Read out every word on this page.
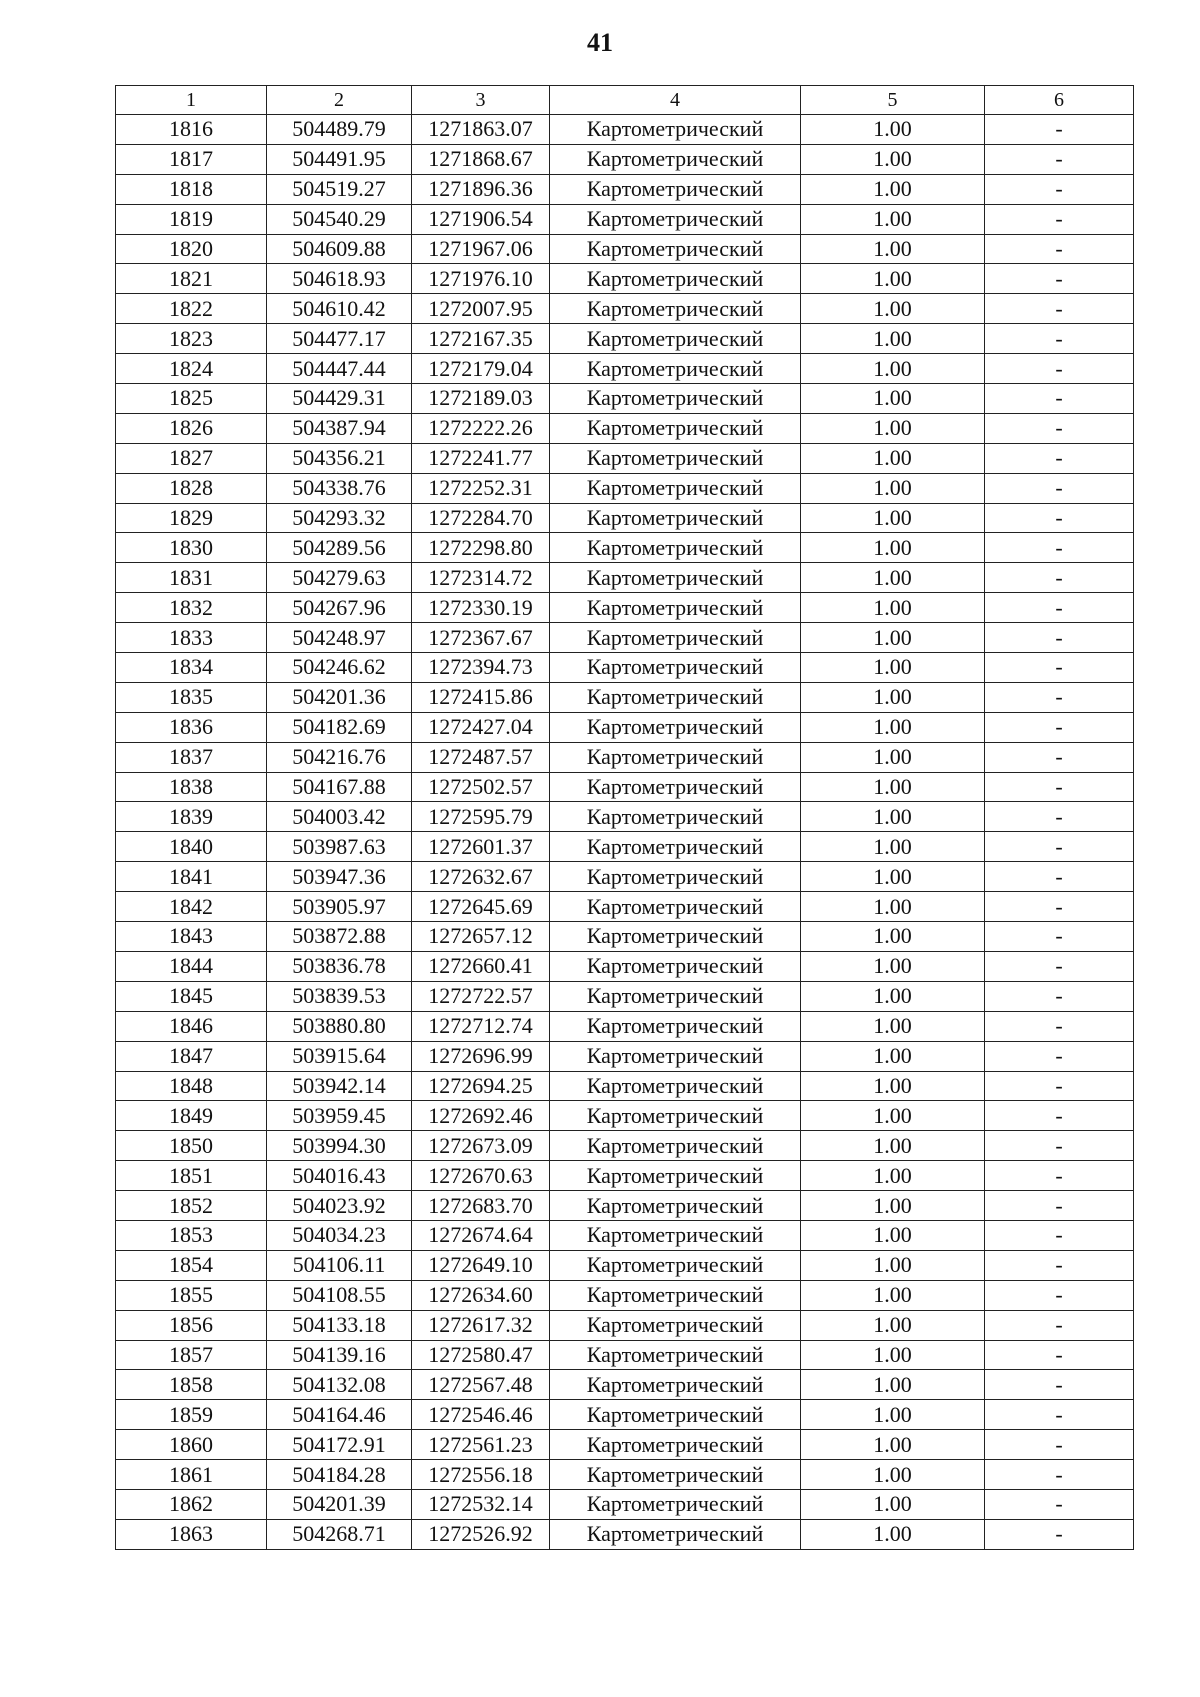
41
1	2	3	4	5	6
1816	504489.79	1271863.07	Картометрический	1.00	-
1817	504491.95	1271868.67	Картометрический	1.00	-
1818	504519.27	1271896.36	Картометрический	1.00	-
1819	504540.29	1271906.54	Картометрический	1.00	-
1820	504609.88	1271967.06	Картометрический	1.00	-
1821	504618.93	1271976.10	Картометрический	1.00	-
1822	504610.42	1272007.95	Картометрический	1.00	-
1823	504477.17	1272167.35	Картометрический	1.00	-
1824	504447.44	1272179.04	Картометрический	1.00	-
1825	504429.31	1272189.03	Картометрический	1.00	-
1826	504387.94	1272222.26	Картометрический	1.00	-
1827	504356.21	1272241.77	Картометрический	1.00	-
1828	504338.76	1272252.31	Картометрический	1.00	-
1829	504293.32	1272284.70	Картометрический	1.00	-
1830	504289.56	1272298.80	Картометрический	1.00	-
1831	504279.63	1272314.72	Картометрический	1.00	-
1832	504267.96	1272330.19	Картометрический	1.00	-
1833	504248.97	1272367.67	Картометрический	1.00	-
1834	504246.62	1272394.73	Картометрический	1.00	-
1835	504201.36	1272415.86	Картометрический	1.00	-
1836	504182.69	1272427.04	Картометрический	1.00	-
1837	504216.76	1272487.57	Картометрический	1.00	-
1838	504167.88	1272502.57	Картометрический	1.00	-
1839	504003.42	1272595.79	Картометрический	1.00	-
1840	503987.63	1272601.37	Картометрический	1.00	-
1841	503947.36	1272632.67	Картометрический	1.00	-
1842	503905.97	1272645.69	Картометрический	1.00	-
1843	503872.88	1272657.12	Картометрический	1.00	-
1844	503836.78	1272660.41	Картометрический	1.00	-
1845	503839.53	1272722.57	Картометрический	1.00	-
1846	503880.80	1272712.74	Картометрический	1.00	-
1847	503915.64	1272696.99	Картометрический	1.00	-
1848	503942.14	1272694.25	Картометрический	1.00	-
1849	503959.45	1272692.46	Картометрический	1.00	-
1850	503994.30	1272673.09	Картометрический	1.00	-
1851	504016.43	1272670.63	Картометрический	1.00	-
1852	504023.92	1272683.70	Картометрический	1.00	-
1853	504034.23	1272674.64	Картометрический	1.00	-
1854	504106.11	1272649.10	Картометрический	1.00	-
1855	504108.55	1272634.60	Картометрический	1.00	-
1856	504133.18	1272617.32	Картометрический	1.00	-
1857	504139.16	1272580.47	Картометрический	1.00	-
1858	504132.08	1272567.48	Картометрический	1.00	-
1859	504164.46	1272546.46	Картометрический	1.00	-
1860	504172.91	1272561.23	Картометрический	1.00	-
1861	504184.28	1272556.18	Картометрический	1.00	-
1862	504201.39	1272532.14	Картометрический	1.00	-
1863	504268.71	1272526.92	Картометрический	1.00	-
